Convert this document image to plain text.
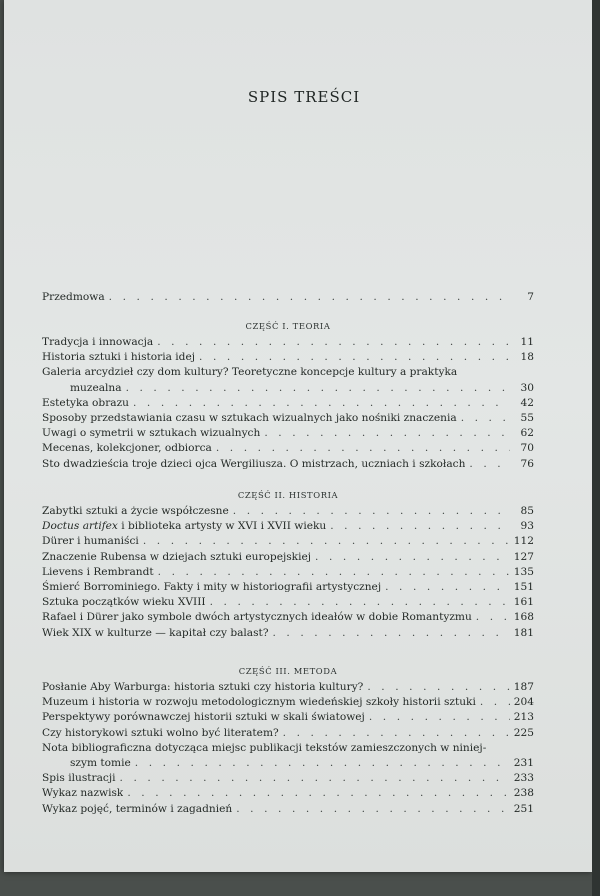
SPIS TREŚCI
Przedmowa . . .	7
CZĘŚĆ I. TEORIA
Tradycja i innowacja . . .	11
Historia sztuki i historia idej . . .	18
Galeria arcydzieł czy dom kultury? Teoretyczne koncepcje kultury a praktyka
muzealna . . .	30
Estetyka obrazu . . .	42
Sposoby przedstawiania czasu w sztukach wizualnych jako nośniki znaczenia . . .	55
Uwagi o symetrii w sztukach wizualnych . . .	62
Mecenas, kolekcjoner, odbiorca . . .	70
Sto dwadzieścia troje dzieci ojca Wergiliusza. O mistrzach, uczniach i szkołach . . .	76
CZĘŚĆ II. HISTORIA
Zabytki sztuki a życie współczesne . . .	85
Doctus artifex i biblioteka artysty w XVI i XVII wieku . . .	93
Dürer i humaniści . . .	112
Znaczenie Rubensa w dziejach sztuki europejskiej . . .	127
Lievens i Rembrandt . . .	135
Śmierć Borrominiego. Fakty i mity w historiografii artystycznej . . .	151
Sztuka początków wieku XVIII . . .	161
Rafael i Dürer jako symbole dwóch artystycznych ideałów w dobie Romantyzmu . . .	168
Wiek XIX w kulturze — kapitał czy balast? . . .	181
CZĘŚĆ III. METODA
Posłanie Aby Warburga: historia sztuki czy historia kultury? . . .	187
Muzeum i historia w rozwoju metodologicznym wiedeńskiej szkoły historii sztuki . . .	204
Perspektywy porównawczej historii sztuki w skali światowej . . .	213
Czy historykowi sztuki wolno być literatem? . . .	225
Nota bibliograficzna dotycząca miejsc publikacji tekstów zamieszczonych w niniej-
szym tomie . . .	231
Spis ilustracji . . .	233
Wykaz nazwisk . . .	238
Wykaz pojęć, terminów i zagadnień . . .	251
